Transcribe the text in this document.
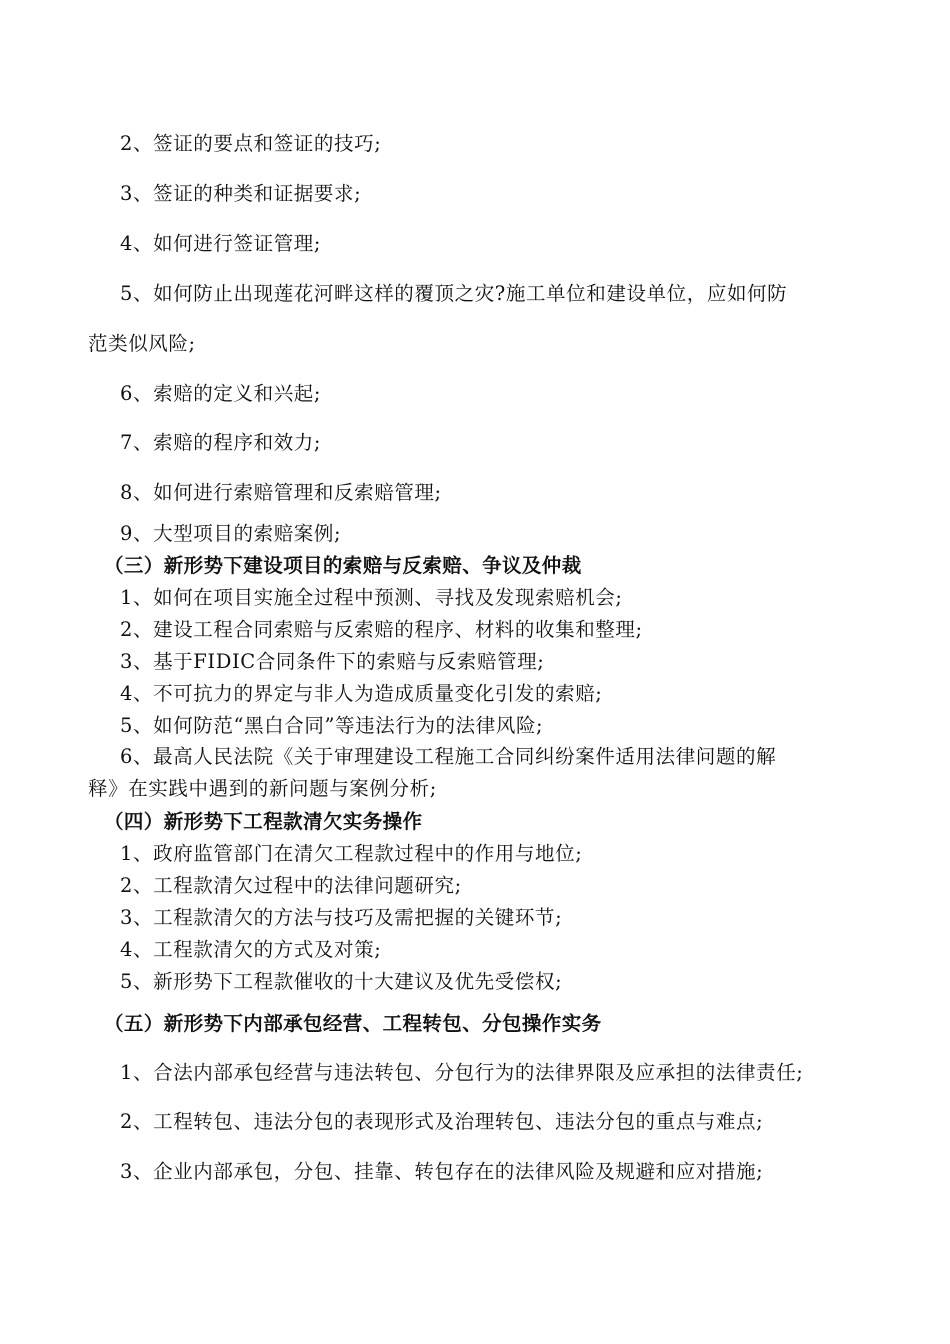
2、签证的要点和签证的技巧;
3、签证的种类和证据要求;
4、如何进行签证管理;
5、如何防止出现莲花河畔这样的覆顶之灾?施工单位和建设单位，应如何防
范类似风险;
6、索赔的定义和兴起;
7、索赔的程序和效力;
8、如何进行索赔管理和反索赔管理;
9、大型项目的索赔案例;
（三）新形势下建设项目的索赔与反索赔、争议及仲裁
1、如何在项目实施全过程中预测、寻找及发现索赔机会;
2、建设工程合同索赔与反索赔的程序、材料的收集和整理;
3、基于FIDIC合同条件下的索赔与反索赔管理;
4、不可抗力的界定与非人为造成质量变化引发的索赔;
5、如何防范“黑白合同”等违法行为的法律风险;
6、最高人民法院《关于审理建设工程施工合同纠纷案件适用法律问题的解
释》在实践中遇到的新问题与案例分析;
（四）新形势下工程款清欠实务操作
1、政府监管部门在清欠工程款过程中的作用与地位;
2、工程款清欠过程中的法律问题研究;
3、工程款清欠的方法与技巧及需把握的关键环节;
4、工程款清欠的方式及对策;
5、新形势下工程款催收的十大建议及优先受偿权;
（五）新形势下内部承包经营、工程转包、分包操作实务
1、合法内部承包经营与违法转包、分包行为的法律界限及应承担的法律责任;
2、工程转包、违法分包的表现形式及治理转包、违法分包的重点与难点;
3、企业内部承包，分包、挂靠、转包存在的法律风险及规避和应对措施;
